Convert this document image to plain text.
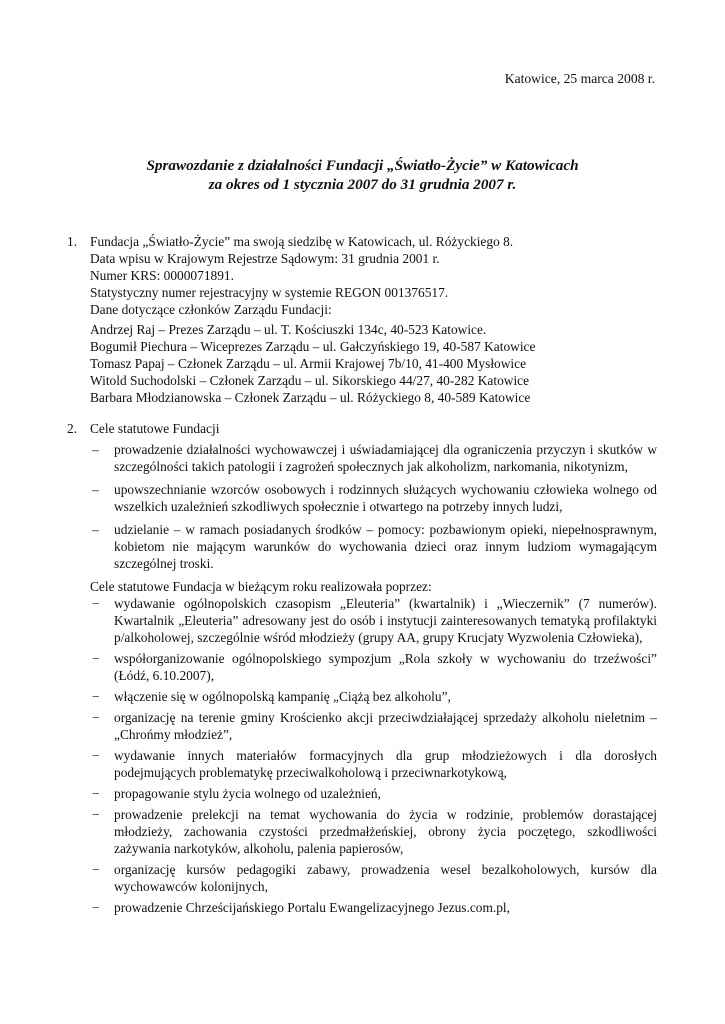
Katowice, 25 marca 2008 r.
Sprawozdanie z działalności Fundacji „Światło-Życie” w Katowicach
za okres od 1 stycznia 2007 do 31 grudnia 2007 r.
1. Fundacja „Światło-Życie” ma swoją siedzibę w Katowicach, ul. Różyckiego 8.

Data wpisu w Krajowym Rejestrze Sądowym: 31 grudnia 2001 r.

Numer KRS: 0000071891.

Statystyczny numer rejestracyjny w systemie REGON 001376517.

Dane dotyczące członków Zarządu Fundacji:

Andrzej Raj – Prezes Zarządu – ul. T. Kościuszki 134c, 40-523 Katowice.

Bogumił Piechura – Wiceprezes Zarządu – ul. Gałczyńskiego 19, 40-587 Katowice

Tomasz Papaj – Członek Zarządu – ul. Armii Krajowej 7b/10, 41-400 Mysłowice

Witold Suchodolski – Członek Zarządu – ul. Sikorskiego 44/27, 40-282 Katowice

Barbara Młodzianowska – Członek Zarządu – ul. Różyckiego 8, 40-589 Katowice

2. Cele statutowe Fundacji

– prowadzenie działalności wychowawczej i uświadamiającej dla ograniczenia przyczyn i skutków w szczególności takich patologii i zagrożeń społecznych jak alkoholizm, narkomania, nikotynizm,
– upowszechnianie wzorców osobowych i rodzinnych służących wychowaniu człowieka wolnego od wszelkich uzależnień szkodliwych społecznie i otwartego na potrzeby innych ludzi,
– udzielanie – w ramach posiadanych środków – pomocy: pozbawionym opieki, niepełnosprawnym, kobietom nie mającym warunków do wychowania dzieci oraz innym ludziom wymagającym szczególnej troski.

Cele statutowe Fundacja w bieżącym roku realizowała poprzez:

− wydawanie ogólnopolskich czasopism „Eleuteria” (kwartalnik) i „Wieczernik” (7 numerów). Kwartalnik „Eleuteria” adresowany jest do osób i instytucji zainteresowanych tematyką profilaktyki p/alkoholowej, szczególnie wśród młodzieży (grupy AA, grupy Krucjaty Wyzwolenia Człowieka),
− współorganizowanie ogólnopolskiego sympozjum „Rola szkoły w wychowaniu do trzeźwości” (Łódź, 6.10.2007),
− włączenie się w ogólnopolską kampanię „Ciążą bez alkoholu”,
− organizację na terenie gminy Krościenko akcji przeciwdziałającej sprzedaży alkoholu nieletnim – „Chrońmy młodzież”,
− wydawanie innych materiałów formacyjnych dla grup młodzieżowych i dla dorosłych podejmujących problematykę przeciwalkoholową i przeciwnarkotykową,
− propagowanie stylu życia wolnego od uzależnień,
− prowadzenie prelekcji na temat wychowania do życia w rodzinie, problemów dorastającej młodzieży, zachowania czystości przedmałżeńskiej, obrony życia poczętego, szkodliwości zażywania narkotyków, alkoholu, palenia papierosów,
− organizację kursów pedagogiki zabawy, prowadzenia wesel bezalkoholowych, kursów dla wychowawców kolonijnych,
− prowadzenie Chrześcijańskiego Portalu Ewangelizacyjnego Jezus.com.pl,
